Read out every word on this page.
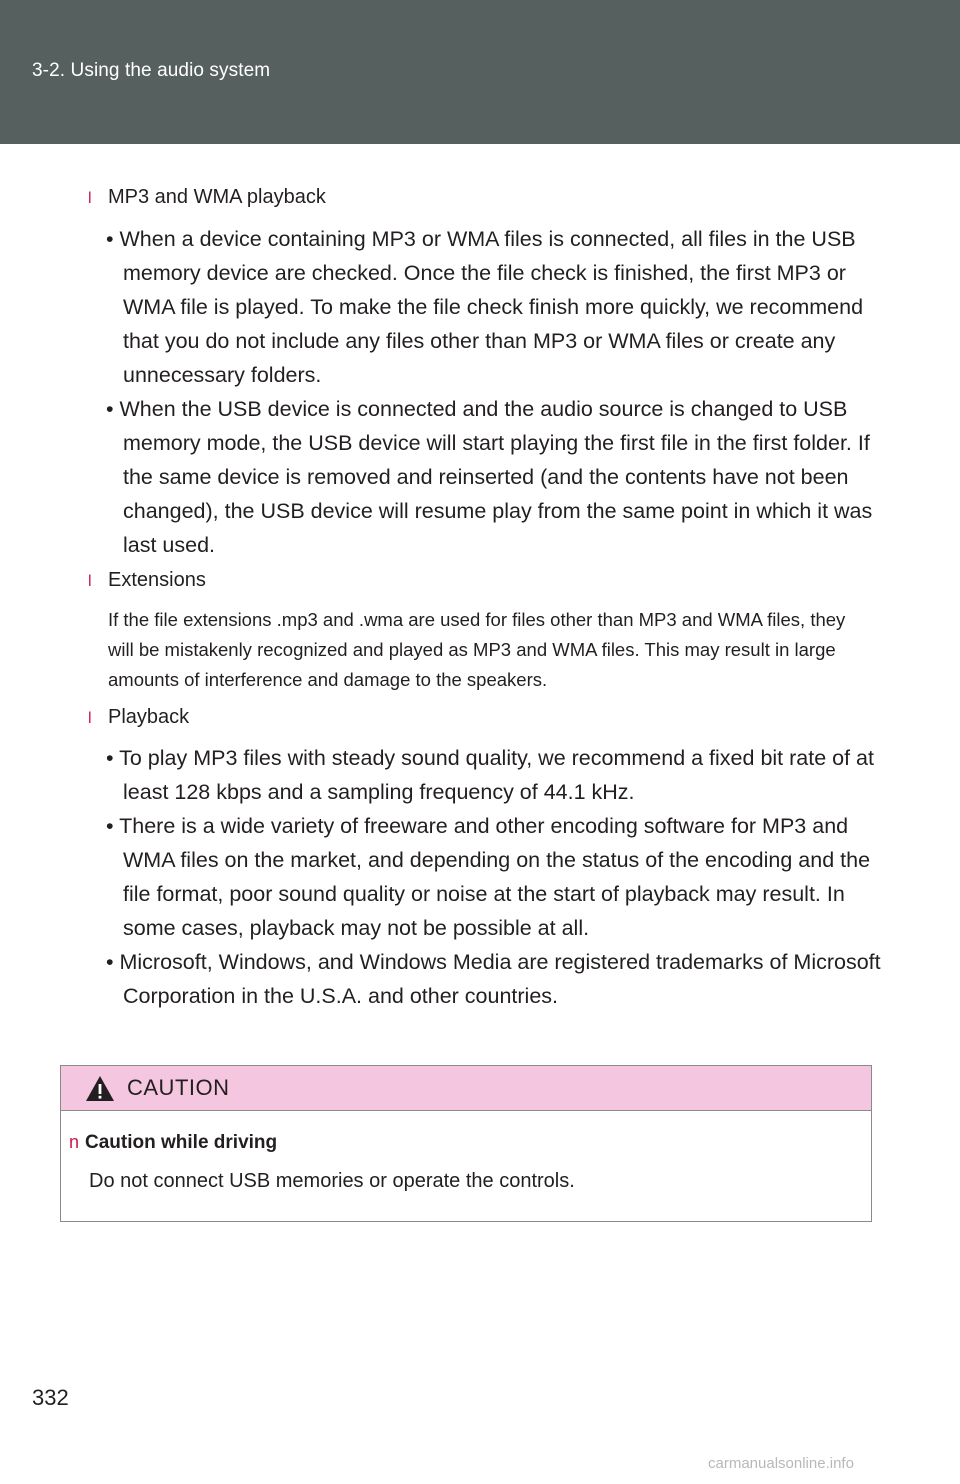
3-2. Using the audio system
l MP3 and WMA playback
• When a device containing MP3 or WMA files is connected, all files in the USB memory device are checked. Once the file check is finished, the first MP3 or WMA file is played. To make the file check finish more quickly, we recommend that you do not include any files other than MP3 or WMA files or create any unnecessary folders.
• When the USB device is connected and the audio source is changed to USB memory mode, the USB device will start playing the first file in the first folder. If the same device is removed and reinserted (and the contents have not been changed), the USB device will resume play from the same point in which it was last used.
l Extensions
If the file extensions .mp3 and .wma are used for files other than MP3 and WMA files, they will be mistakenly recognized and played as MP3 and WMA files. This may result in large amounts of interference and damage to the speakers.
l Playback
• To play MP3 files with steady sound quality, we recommend a fixed bit rate of at least 128 kbps and a sampling frequency of 44.1 kHz.
• There is a wide variety of freeware and other encoding software for MP3 and WMA files on the market, and depending on the status of the encoding and the file format, poor sound quality or noise at the start of playback may result. In some cases, playback may not be possible at all.
• Microsoft, Windows, and Windows Media are registered trademarks of Microsoft Corporation in the U.S.A. and other countries.
CAUTION
n Caution while driving
Do not connect USB memories or operate the controls.
332
carmanualsonline.info
